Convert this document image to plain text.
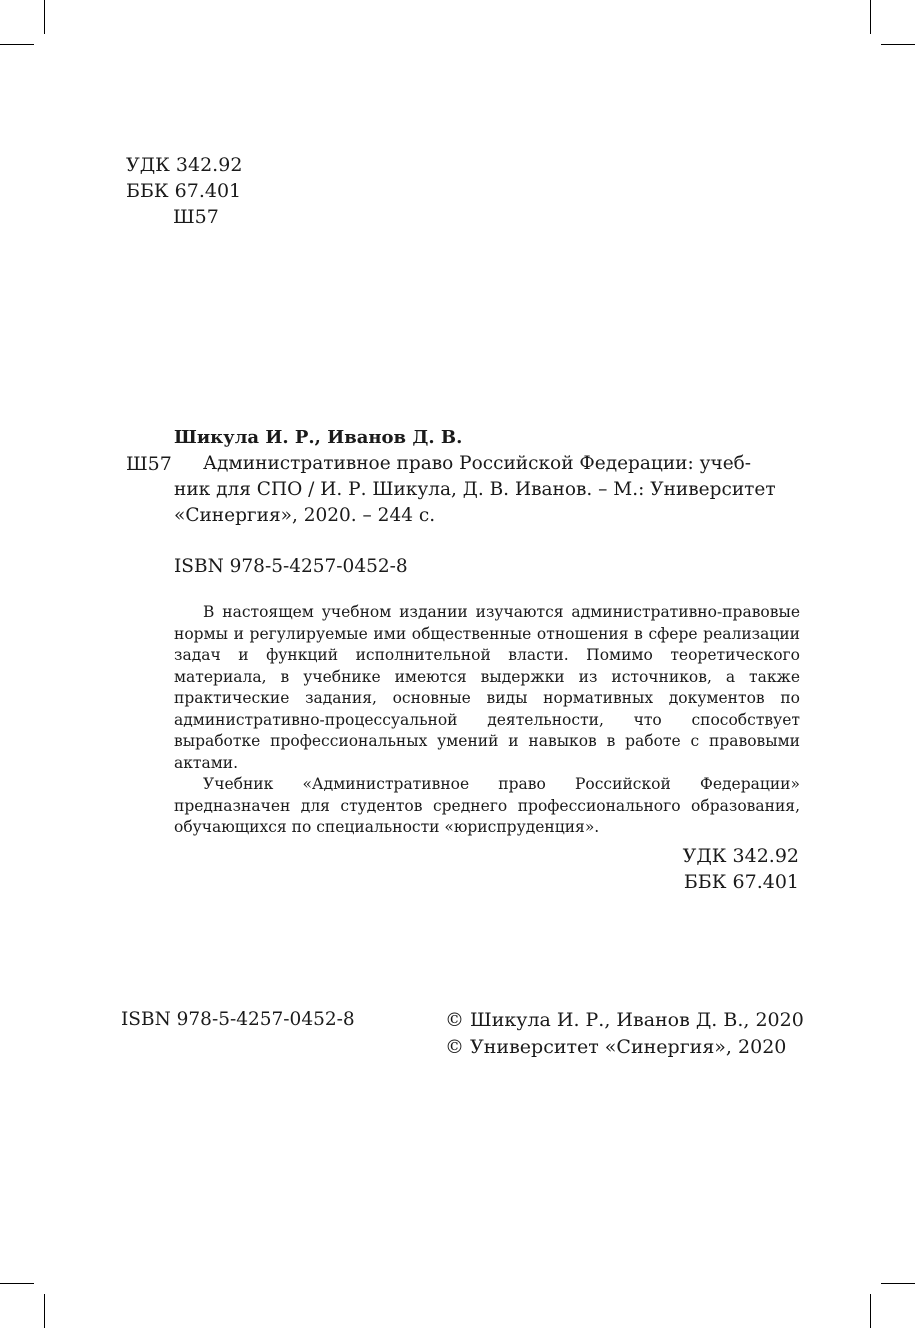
УДК 342.92
ББК 67.401
Ш57
Шикула И. Р., Иванов Д. В.
Ш57	Административное право Российской Федерации: учеб-
ник для СПО / И. Р. Шикула, Д. В. Иванов. – М.: Университет
«Синергия», 2020. – 244 с.
ISBN 978-5-4257-0452-8

В настоящем учебном издании изучаются административно-правовые нормы и регулируемые ими общественные отношения в сфере реализации задач и функций исполнительной власти. Помимо теоретического материала, в учебнике имеются выдержки из источников, а также практические задания, основные виды нормативных документов по административно-процессуальной деятельности, что способствует выработке профессиональных умений и навыков в работе с правовыми актами.

Учебник «Административное право Российской Федерации» предназначен для студентов среднего профессионального образования, обучающихся по специальности «юриспруденция».

УДК 342.92
ББК 67.401
ISBN 978-5-4257-0452-8	© Шикула И. Р., Иванов Д. В., 2020
© Университет «Синергия», 2020
